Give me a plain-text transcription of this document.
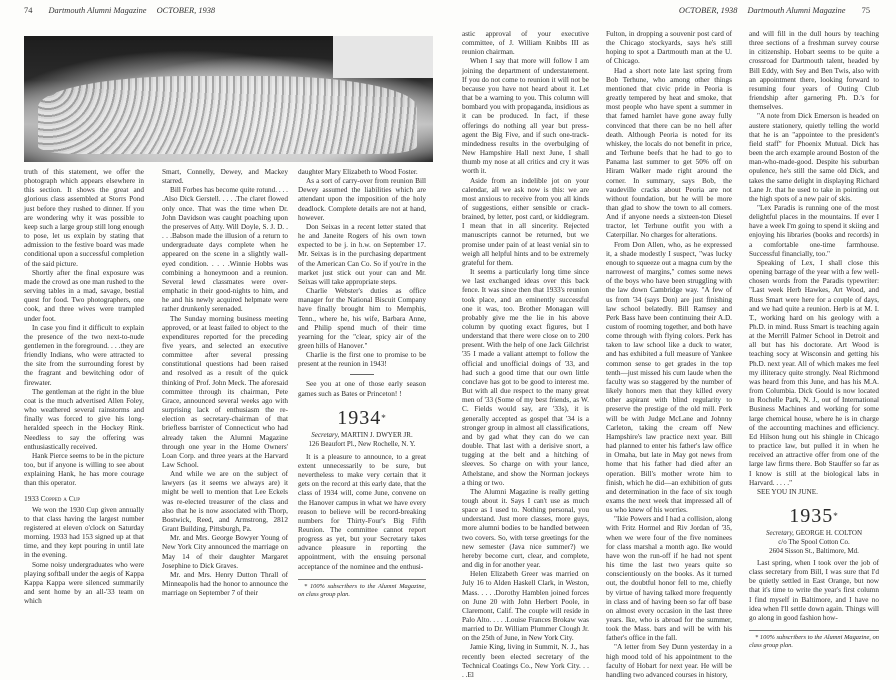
74 Dartmouth Alumni Magazine OCTOBER, 1938

truth of this statement, we offer the photograph which appears elsewhere in this section. It shows the great and glorious class assembled at Storrs Pond just before they rushed to dinner. If you are wondering why it was possible to keep such a large group still long enough to pose, let us explain by stating that admission to the festive board was made conditional upon a successful completion of the said picture.

Shortly after the final exposure was made the crowd as one man rushed to the serving tables in a mad, savage, bestial quest for food. Two photographers, one cook, and three wives were trampled under foot.

In case you find it difficult to explain the presence of the two next-to-nude gentlemen in the foreground. . . .they are friendly Indians, who were attracted to the site from the surrounding forest by the fragrant and bewitching odor of firewater.

The gentleman at the right in the blue coat is the much advertised Allen Foley, who weathered several rainstorms and finally was forced to give his long-heralded speech in the Hockey Rink. Needless to say the offering was enthusiastically received.

Hank Pierce seems to be in the picture too, but if anyone is willing to see about explaining Hank, he has more courage than this operator.

1933 Copped a Cup

We won the 1930 Cup given annually to that class having the largest number registered at eleven o'clock on Saturday morning. 1933 had 153 signed up at that time, and they kept pouring in until late in the evening.

Some noisy undergraduates who were playing softball under the aegis of Kappa Kappa Kappa were silenced summarily and sent home by an all-'33 team on which

Smart, Connelly, Dewey, and Mackey starred.

Bill Forbes has become quite rotund. . . . .Also Dick Gerstell. . . . .The claret flowed only once. That was the time when Dr. John Davidson was caught poaching upon the preserves of Atty. Will Doyle, S. J. D. . . . .Babson made the illusion of a return to undergraduate days complete when he appeared on the scene in a slightly wall-eyed condition. . . . .Winnie Hobbs was combining a honeymoon and a reunion. Several lewd classmates were over-emphatic in their good-nights to him, and he and his newly acquired helpmate were rather drunkenly serenaded.

The Sunday morning business meeting approved, or at least failed to object to the expenditures reported for the preceding five years, and selected an executive committee after several pressing constitutional questions had been raised and resolved as a result of the quick thinking of Prof. John Meck. The aforesaid committee through its chairman, Pete Grace, announced several weeks ago with surprising lack of enthusiasm the re-election as secretary-chairman of that briefless barrister of Connecticut who had already taken the Alumni Magazine through one year in the Home Owners' Loan Corp. and three years at the Harvard Law School.

And while we are on the subject of lawyers (as it seems we always are) it might be well to mention that Lee Eckels was re-elected treasurer of the class and also that he is now associated with Thorp, Bostwick, Reed, and Armstrong, 2812 Grant Building, Pittsburgh, Pa.

Mr. and Mrs. George Bowyer Young of New York City announced the marriage on May 14 of their daughter Margaret Josephine to Dick Graves.

Mr. and Mrs. Henry Dutton Thrall of Minneapolis had the honor to announce the marriage on September 7 of their

daughter Mary Elizabeth to Wood Foster.

As a sort of carry-over from reunion Bill Dewey assumed the liabilities which are attendant upon the imposition of the holy deadlock. Complete details are not at hand, however.

Don Seixas in a recent letter stated that he and Janeite Rogers of his own town expected to be j. in h.w. on September 17. Mr. Seixas is in the purchasing department of the American Can Co. So if you're in the market just stick out your can and Mr. Seixas will take appropriate steps.

Charlie Webster's duties as office manager for the National Biscuit Company have finally brought him to Memphis, Tenn., where he, his wife, Barbara Anne, and Philip spend much of their time yearning for the "clear, spicy air of the green hills of Hanover."

Charlie is the first one to promise to be present at the reunion in 1943!

See you at one of those early season games such as Bates or Princeton! !

1934*
Secretary, MARTIN J. DWYER JR.
126 Beaufort Pl., New Rochelle, N. Y.

It is a pleasure to announce, to a great extent unnecessarily to be sure, but nevertheless to make very certain that it gets on the record at this early date, that the class of 1934 will, come June, convene on the Hanover campus in what we have every reason to believe will be record-breaking numbers for Thirty-Four's Big Fifth Reunion. The committee cannot report progress as yet, but your Secretary takes advance pleasure in reporting the appointment, with the ensuing personal acceptance of the nominee and the enthusi-

* 100% subscribers to the Alumni Magazine, on class group plan.
OCTOBER, 1938 Dartmouth Alumni Magazine 75

astic approval of your executive committee, of J. William Knibbs III as reunion chairman.

When I say that more will follow I am joining the department of understatement. If you do not come to reunion it will not be because you have not heard about it. Let that be a warning to you. This column will bombard you with propaganda, insidious as it can be produced. In fact, if these offerings do nothing all year but press-agent the Big Five, and if such one-track-mindedness results in the overbulging of New Hampshire Hall next June, I shall thumb my nose at all critics and cry it was worth it.

Aside from an indelible jot on your calendar, all we ask now is this: we are most anxious to receive from you all kinds of suggestions, either sensible or crack-brained, by letter, post card, or kiddiegram. I mean that in all sincerity. Rejected manuscripts cannot be returned, but we promise under pain of at least venial sin to weigh all helpful hints and to be extremely grateful for them.

It seems a particularly long time since we last exchanged ideas over this back fence. It was since then that 1933's reunion took place, and an eminently successful one it was, too. Brother Monagan will probably give me the lie in his above column by quoting exact figures, but I understand that there were close on to 200 present. With the help of one Jack Gilchrist '35 I made a valiant attempt to follow the official and unofficial doings of '33, and had such a good time that our own little conclave has got to be good to interest me. But with all due respect to the many great men of '33 (Some of my best friends, as W. C. Fields would say, are '33s), it is generally accepted as gospel that '34 is a stronger group in almost all classifications, and by gad what they can do we can double. That last with a derisive snort, a tugging at the belt and a hitching of sleeves. So charge on with your lance, Athelstane, and show the Norman jockeys a thing or two.

The Alumni Magazine is really getting tough about it. Says I can't use as much space as I used to. Nothing personal, you understand. Just more classes, more guys, more alumni bodies to be handled between two covers. So, with terse greetings for the new semester (Java nice summer?) we hereby become curt, clear, and complete, and dig in for another year.

Helen Elizabeth Greer was married on July 16 to Alden Haskell Clark, in Weston, Mass. . . . .Dorothy Hamblen joined forces on June 20 with John Herbert Poole, in Claremont, Calif. The couple will reside in Palo Alto. . . . .Louise Frances Brokaw was married to Dr. William Plummer Clough Jr. on the 25th of June, in New York City.

Jamie King, living in Summit, N. J., has recently been elected secretary of the Technical Coatings Co., New York City. . . . .El

Fulton, in dropping a souvenir post card of the Chicago stockyards, says he's still hoping to spot a Dartmouth man at the U. of Chicago.

Had a short note late last spring from Bob Terhune, who among other things mentioned that civic pride in Peoria is greatly tempered by heat and smoke, that most people who have spent a summer in that famed hamlet have gone away fully convinced that there can be no hell after death. Although Peoria is noted for its whiskey, the locals do not benefit in price, and Terhune beefs that he had to go to Panama last summer to get 50% off on Hiram Walker made right around the corner. In summary, says Bob, the vaudeville cracks about Peoria are not without foundation, but he will be more than glad to show the town to all comers. And if anyone needs a sixteen-ton Diesel tractor, let Terhune outfit you with a Caterpillar. No charges for alterations.

From Don Allen, who, as he expressed it, a shade modestly I suspect, "was lucky enough to squeeze out a magna cum by the narrowest of margins," comes some news of the boys who have been struggling with the law down Cambridge way. "A few of us from '34 (says Don) are just finishing law school belatedly. Bill Ramsey and Perk Bass have been continuing their A.D. custom of rooming together, and both have come through with flying colors. Perk has taken to law school like a duck to water, and has exhibited a full measure of Yankee common sense to get grades in the top tenth—just missed his cum laude when the faculty was so staggered by the number of likely honors men that they killed every other aspirant with blind regularity to preserve the prestige of the old mill. Perk will be with Judge McLane and Johnny Carleton, taking the cream off New Hampshire's law practice next year. Bill had planned to enter his father's law office in Omaha, but late in May got news from home that his father had died after an operation. Bill's mother wrote him to finish, which he did—an exhibition of guts and determination in the face of six tough exams the next week that impressed all of us who knew of his worries.

"Ikie Powers and I had a collision, along with Fritz Hormel and Riv Jordan of '35, when we were four of the five nominees for class marshal a month ago. Ike would have won the run-off if he had not spent his time the last two years quite so conscientiously on the books. As it turned out, the doubtful honor fell to me, chiefly by virtue of having talked more frequently in class and of having been so far off base on almost every occasion in the last three years. Ike, who is abroad for the summer, took the Mass. bars and will be with his father's office in the fall.

"A letter from Sey Dunn yesterday in a high mood told of his appointment to the faculty of Hobart for next year. He will be handling two advanced courses in history,

and will fill in the dull hours by teaching three sections of a freshman survey course in citizenship. Hobart seems to be quite a crossroad for Dartmouth talent, headed by Bill Eddy, with Sey and Ben Twis, also with an appointment there, looking forward to resuming four years of Outing Club friendship after garnering Ph. D.'s for themselves.

"A note from Dick Emerson is headed on austere stationery, quietly telling the world that he is an "appointee to the president's field staff" for Phoenix Mutual. Dick has been the arch example around Boston of the man-who-made-good. Despite his suburban opulence, he's still the same old Dick, and takes the same delight in displaying Richard Lane Jr. that he used to take in pointing out the high spots of a new pair of skis.

"Lex Paradis is running one of the most delightful places in the mountains. If ever I have a week I'm going to spend it skiing and enjoying his libraries (books and records) in a comfortable one-time farmhouse. Successful financially, too."

Speaking of Lex, I shall close this opening barrage of the year with a few well-chosen words from the Paradis typewriter: "Last week Herb Hawkes, Art Wood, and Russ Smart were here for a couple of days, and we had quite a reunion. Herb is at M. I. T., working hard on his geology with a Ph.D. in mind. Russ Smart is teaching again at the Merrill Palmer School in Detroit and all but has his doctorate. Art Wood is teaching socy at Wisconsin and getting his Ph.D. next year. All of which makes me feel my illiteracy quite strongly. Neal Richmond was heard from this June, and has his M.A. from Columbia. Dick Gould is now located in Rochelle Park, N. J., out of International Business Machines and working for some large chemical house, where he is in charge of the accounting machines and efficiency. Ed Hilson hung out his shingle in Chicago to practice law, but pulled it in when he received an attractive offer from one of the large law firms there. Bob Stauffer so far as I know is still at the biological labs in Harvard. . . . ."

SEE YOU IN JUNE.

1935*
Secretary, GEORGE H. COLTON
c/o The Spool Cotton Co.
2604 Sisson St., Baltimore, Md.

Last spring, when I took over the job of class secretary from Bill, I was sure that I'd be quietly settled in East Orange, but now that it's time to write the year's first column I find myself in Baltimore, and I have no idea when I'll settle down again. Things will go along in good fashion how-

* 100% subscribers to the Alumni Magazine, on class group plan.
